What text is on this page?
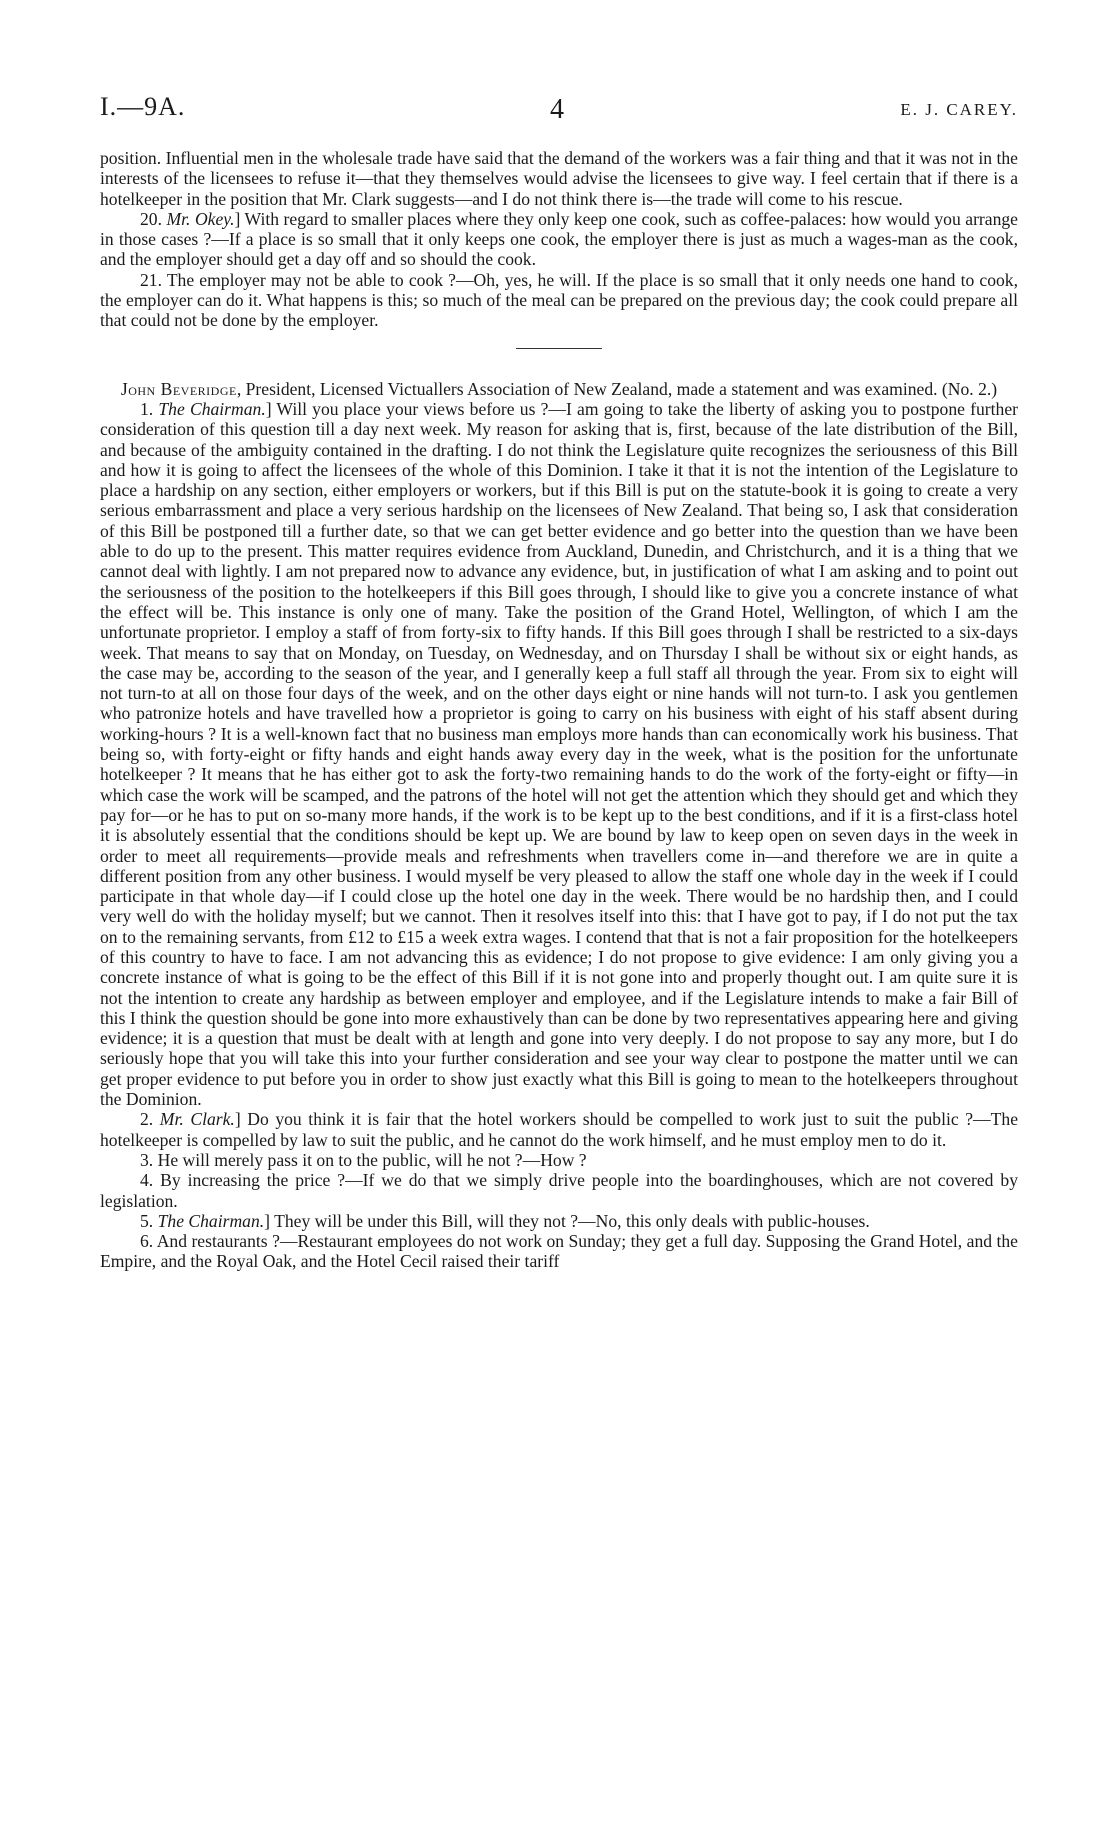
I.—9A.	4	E. J. CAREY.

position. Influential men in the wholesale trade have said that the demand of the workers was a fair thing and that it was not in the interests of the licensees to refuse it—that they themselves would advise the licensees to give way. I feel certain that if there is a hotelkeeper in the position that Mr. Clark suggests—and I do not think there is—the trade will come to his rescue.

20. Mr. Okey.] With regard to smaller places where they only keep one cook, such as coffee-palaces: how would you arrange in those cases ?—If a place is so small that it only keeps one cook, the employer there is just as much a wages-man as the cook, and the employer should get a day off and so should the cook.

21. The employer may not be able to cook ?—Oh, yes, he will. If the place is so small that it only needs one hand to cook, the employer can do it. What happens is this; so much of the meal can be prepared on the previous day; the cook could prepare all that could not be done by the employer.

John Beveridge, President, Licensed Victuallers Association of New Zealand, made a statement and was examined. (No. 2.)

1. The Chairman.] Will you place your views before us ?—I am going to take the liberty of asking you to postpone further consideration of this question till a day next week. My reason for asking that is, first, because of the late distribution of the Bill, and because of the ambiguity contained in the drafting. I do not think the Legislature quite recognizes the seriousness of this Bill and how it is going to affect the licensees of the whole of this Dominion. I take it that it is not the intention of the Legislature to place a hardship on any section, either employers or workers, but if this Bill is put on the statute-book it is going to create a very serious embarrassment and place a very serious hardship on the licensees of New Zealand. That being so, I ask that consideration of this Bill be postponed till a further date, so that we can get better evidence and go better into the question than we have been able to do up to the present. This matter requires evidence from Auckland, Dunedin, and Christchurch, and it is a thing that we cannot deal with lightly. I am not prepared now to advance any evidence, but, in justification of what I am asking and to point out the seriousness of the position to the hotelkeepers if this Bill goes through, I should like to give you a concrete instance of what the effect will be. This instance is only one of many. Take the position of the Grand Hotel, Wellington, of which I am the unfortunate proprietor. I employ a staff of from forty-six to fifty hands. If this Bill goes through I shall be restricted to a six-days week. That means to say that on Monday, on Tuesday, on Wednesday, and on Thursday I shall be without six or eight hands, as the case may be, according to the season of the year, and I generally keep a full staff all through the year. From six to eight will not turn-to at all on those four days of the week, and on the other days eight or nine hands will not turn-to. I ask you gentlemen who patronize hotels and have travelled how a proprietor is going to carry on his business with eight of his staff absent during working-hours ? It is a well-known fact that no business man employs more hands than can economically work his business. That being so, with forty-eight or fifty hands and eight hands away every day in the week, what is the position for the unfortunate hotelkeeper ? It means that he has either got to ask the forty-two remaining hands to do the work of the forty-eight or fifty—in which case the work will be scamped, and the patrons of the hotel will not get the attention which they should get and which they pay for—or he has to put on so-many more hands, if the work is to be kept up to the best conditions, and if it is a first-class hotel it is absolutely essential that the conditions should be kept up. We are bound by law to keep open on seven days in the week in order to meet all requirements—provide meals and refreshments when travellers come in—and therefore we are in quite a different position from any other business. I would myself be very pleased to allow the staff one whole day in the week if I could participate in that whole day—if I could close up the hotel one day in the week. There would be no hardship then, and I could very well do with the holiday myself; but we cannot. Then it resolves itself into this: that I have got to pay, if I do not put the tax on to the remaining servants, from £12 to £15 a week extra wages. I contend that that is not a fair proposition for the hotelkeepers of this country to have to face. I am not advancing this as evidence; I do not propose to give evidence: I am only giving you a concrete instance of what is going to be the effect of this Bill if it is not gone into and properly thought out. I am quite sure it is not the intention to create any hardship as between employer and employee, and if the Legislature intends to make a fair Bill of this I think the question should be gone into more exhaustively than can be done by two representatives appearing here and giving evidence; it is a question that must be dealt with at length and gone into very deeply. I do not propose to say any more, but I do seriously hope that you will take this into your further consideration and see your way clear to postpone the matter until we can get proper evidence to put before you in order to show just exactly what this Bill is going to mean to the hotelkeepers throughout the Dominion.

2. Mr. Clark.] Do you think it is fair that the hotel workers should be compelled to work just to suit the public ?—The hotelkeeper is compelled by law to suit the public, and he cannot do the work himself, and he must employ men to do it.

3. He will merely pass it on to the public, will he not ?—How ?

4. By increasing the price ?—If we do that we simply drive people into the boardinghouses, which are not covered by legislation.

5. The Chairman.] They will be under this Bill, will they not ?—No, this only deals with public-houses.

6. And restaurants ?—Restaurant employees do not work on Sunday; they get a full day. Supposing the Grand Hotel, and the Empire, and the Royal Oak, and the Hotel Cecil raised their tariff
